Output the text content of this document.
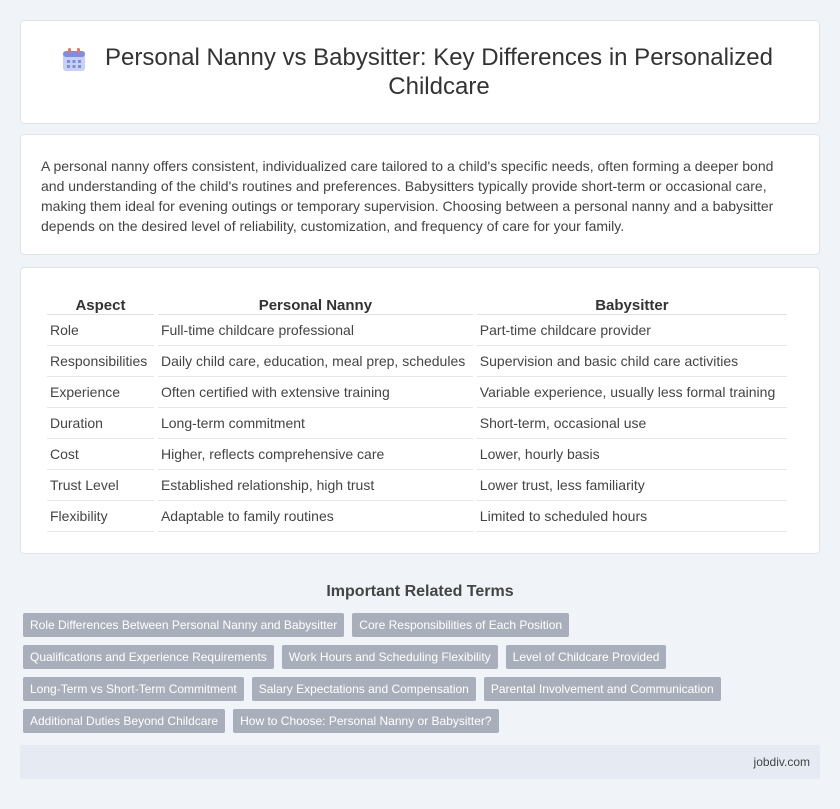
Personal Nanny vs Babysitter: Key Differences in Personalized Childcare

A personal nanny offers consistent, individualized care tailored to a child's specific needs, often forming a deeper bond and understanding of the child's routines and preferences. Babysitters typically provide short-term or occasional care, making them ideal for evening outings or temporary supervision. Choosing between a personal nanny and a babysitter depends on the desired level of reliability, customization, and frequency of care for your family.

Aspect	Personal Nanny	Babysitter
Role	Full-time childcare professional	Part-time childcare provider
Responsibilities	Daily child care, education, meal prep, schedules	Supervision and basic child care activities
Experience	Often certified with extensive training	Variable experience, usually less formal training
Duration	Long-term commitment	Short-term, occasional use
Cost	Higher, reflects comprehensive care	Lower, hourly basis
Trust Level	Established relationship, high trust	Lower trust, less familiarity
Flexibility	Adaptable to family routines	Limited to scheduled hours
Important Related Terms
Role Differences Between Personal Nanny and Babysitter	Core Responsibilities of Each Position
Qualifications and Experience Requirements	Work Hours and Scheduling Flexibility	Level of Childcare Provided
Long-Term vs Short-Term Commitment	Salary Expectations and Compensation	Parental Involvement and Communication
Additional Duties Beyond Childcare	How to Choose: Personal Nanny or Babysitter?
jobdiv.com
